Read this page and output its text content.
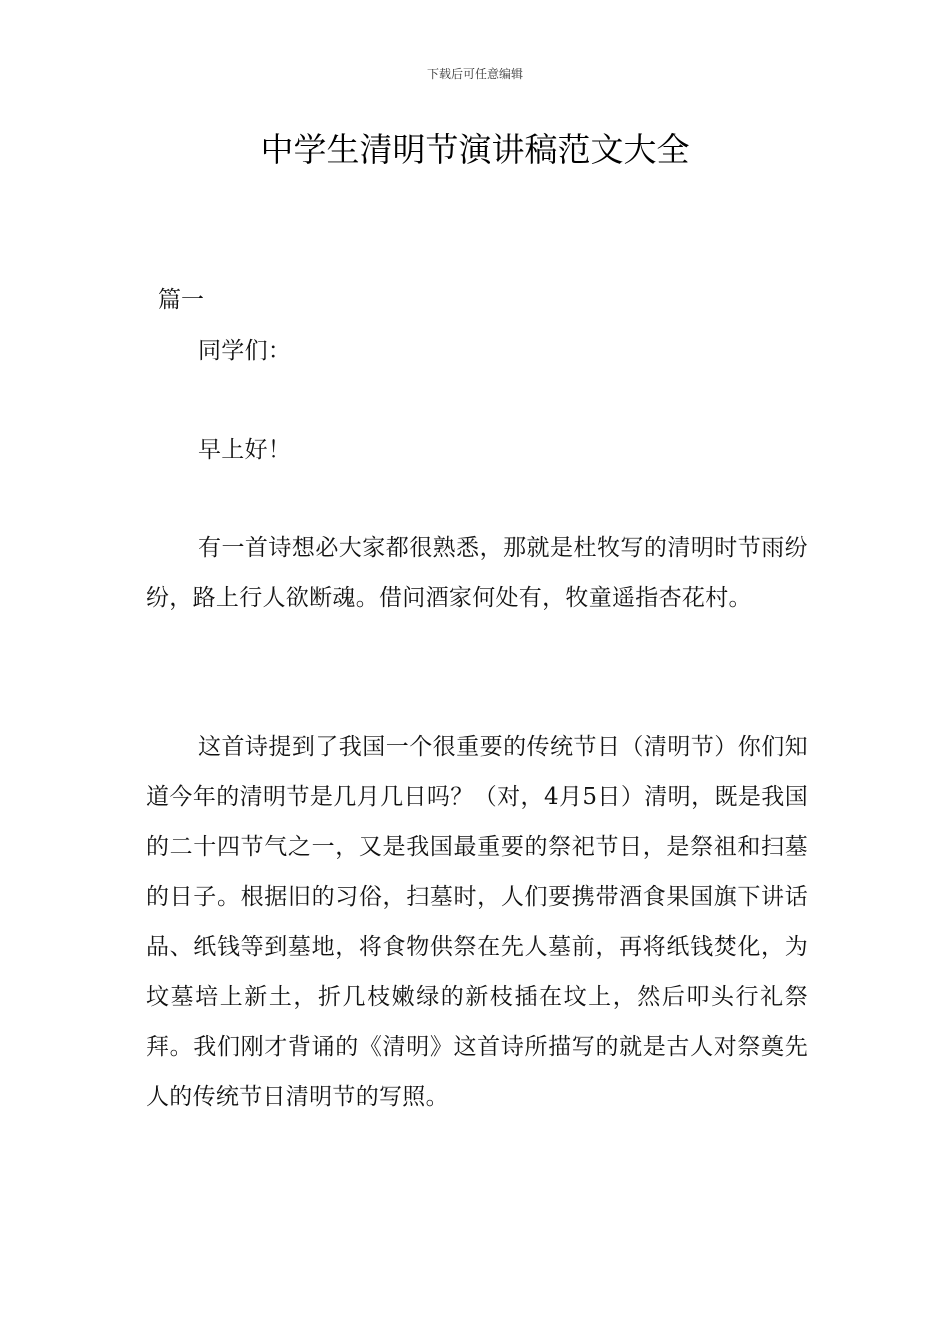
下载后可任意编辑
中学生清明节演讲稿范文大全
篇一

同学们：

早上好！

有一首诗想必大家都很熟悉，那就是杜牧写的清明时节雨纷纷，路上行人欲断魂。借问酒家何处有，牧童遥指杏花村。

这首诗提到了我国一个很重要的传统节日（清明节）你们知道今年的清明节是几月几日吗？（对，4月5日）清明，既是我国的二十四节气之一，又是我国最重要的祭祀节日，是祭祖和扫墓的日子。根据旧的习俗，扫墓时，人们要携带酒食果国旗下讲话品、纸钱等到墓地，将食物供祭在先人墓前，再将纸钱焚化，为坟墓培上新土，折几枝嫩绿的新枝插在坟上，然后叩头行礼祭拜。我们刚才背诵的《清明》这首诗所描写的就是古人对祭奠先人的传统节日清明节的写照。
